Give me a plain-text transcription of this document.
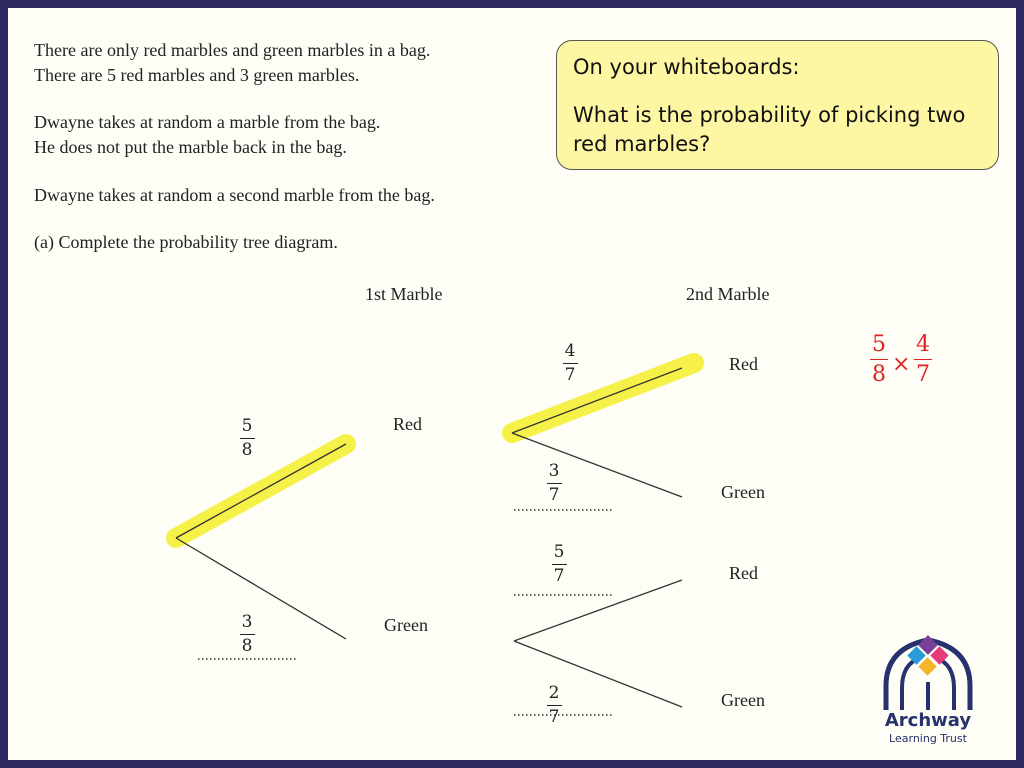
There are only red marbles and green marbles in a bag.

There are 5 red marbles and 3 green marbles.

Dwayne takes at random a marble from the bag.

He does not put the marble back in the bag.

Dwayne takes at random a second marble from the bag.

(a) Complete the probability tree diagram.

On your whiteboards:
What is the probability of picking two red marbles?
1st Marble	2nd Marble
Red
Green
Red
Green
Red
Green
5
8
3
8
4
7
3
7
5
7
2
7
5
8 ×
4
7
Archway
Learning Trust
